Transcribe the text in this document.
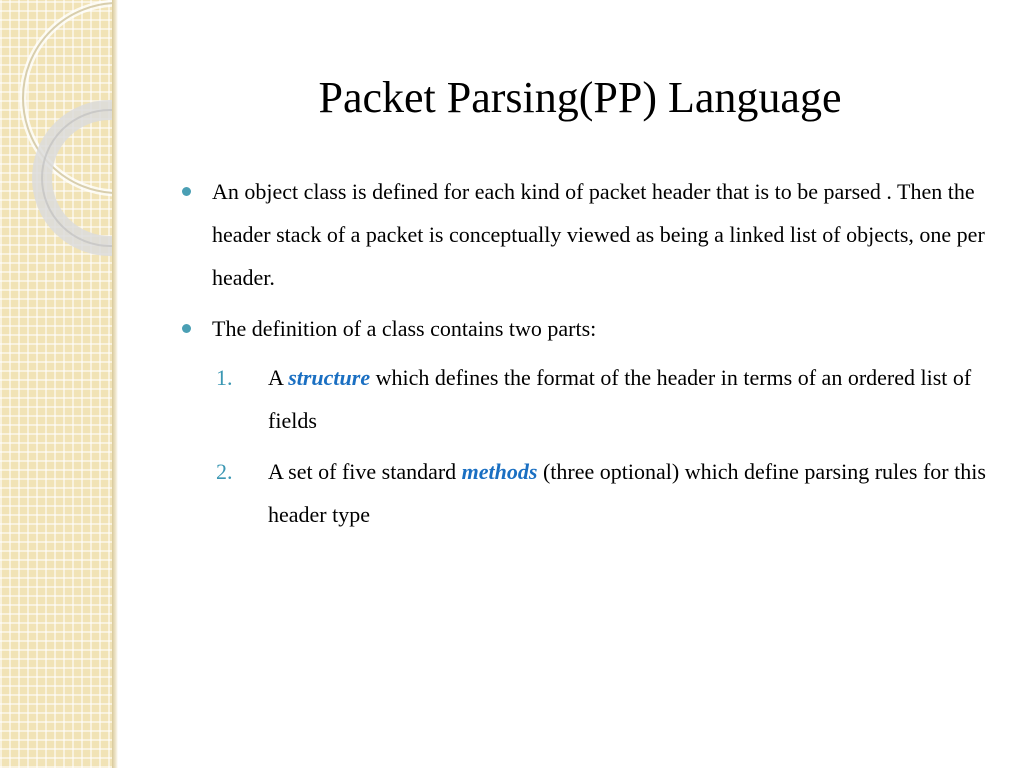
Packet Parsing(PP) Language
An object class is defined for each kind of packet header that is to be parsed . Then the header stack of a packet is conceptually viewed as being a linked list of objects, one per header.
The definition of a class contains two parts:
1. A structure which defines the format of the header in terms of an ordered list of fields
2. A set of five standard methods (three optional) which define parsing rules for this header type
